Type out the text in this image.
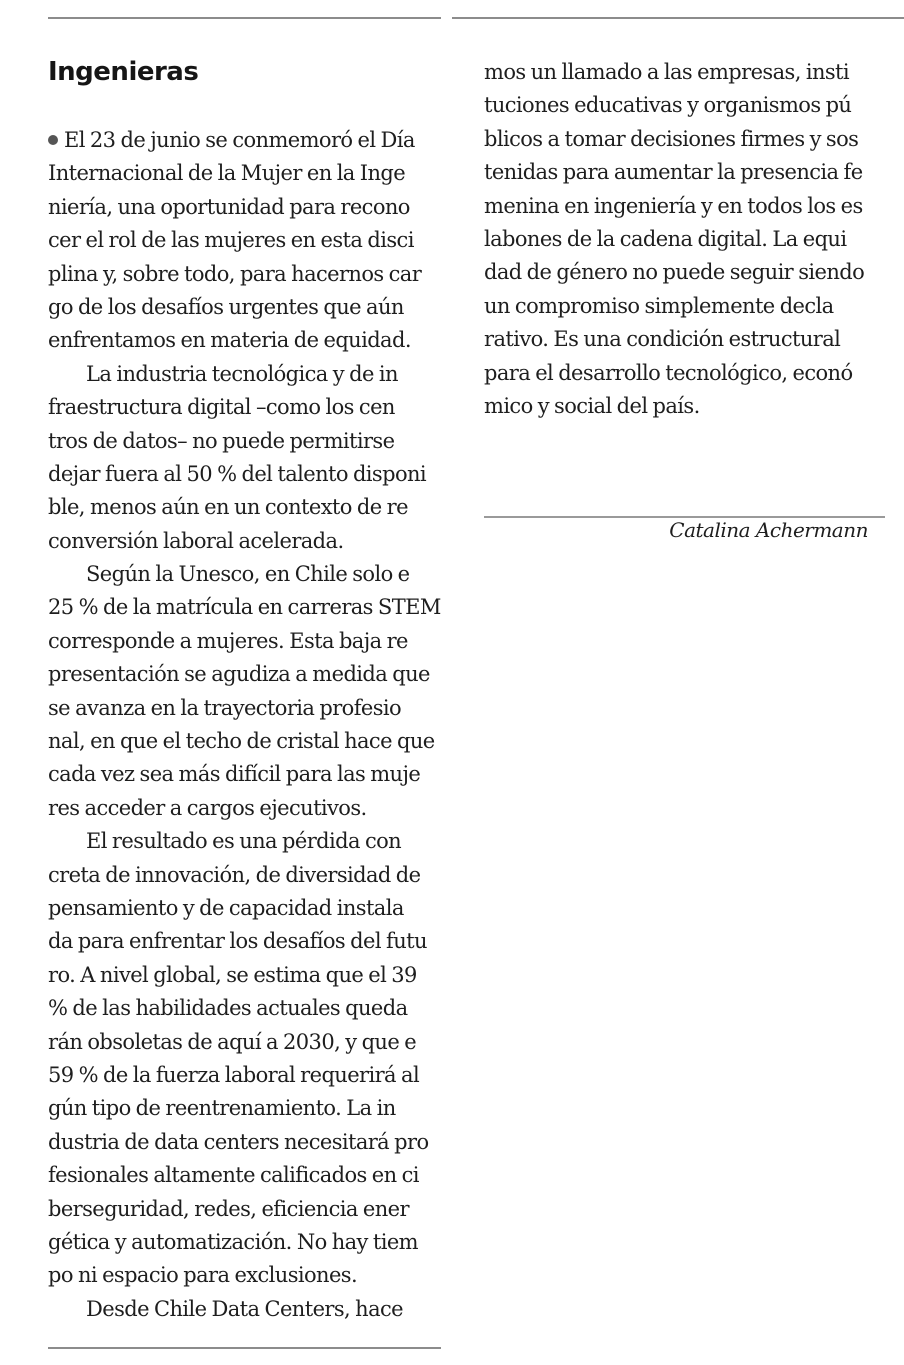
Ingenieras
El 23 de junio se conmemoró el Día
Internacional de la Mujer en la Inge
niería, una oportunidad para recono
cer el rol de las mujeres en esta disci
plina y, sobre todo, para hacernos car
go de los desafíos urgentes que aún
enfrentamos en materia de equidad.
La industria tecnológica y de in
fraestructura digital –como los cen
tros de datos– no puede permitirse
dejar fuera al 50 % del talento disponi
ble, menos aún en un contexto de re
conversión laboral acelerada.
Según la Unesco, en Chile solo e
25 % de la matrícula en carreras STEM
corresponde a mujeres. Esta baja re
presentación se agudiza a medida que
se avanza en la trayectoria profesio
nal, en que el techo de cristal hace que
cada vez sea más difícil para las muje
res acceder a cargos ejecutivos.
El resultado es una pérdida con
creta de innovación, de diversidad de
pensamiento y de capacidad instala
da para enfrentar los desafíos del futu
ro. A nivel global, se estima que el 39
% de las habilidades actuales queda
rán obsoletas de aquí a 2030, y que e
59 % de la fuerza laboral requerirá al
gún tipo de reentrenamiento. La in
dustria de data centers necesitará pro
fesionales altamente calificados en ci
berseguridad, redes, eficiencia ener
gética y automatización. No hay tiem
po ni espacio para exclusiones.
Desde Chile Data Centers, hace
mos un llamado a las empresas, insti
tuciones educativas y organismos pú
blicos a tomar decisiones firmes y sos
tenidas para aumentar la presencia fe
menina en ingeniería y en todos los es
labones de la cadena digital. La equi
dad de género no puede seguir siendo
un compromiso simplemente decla
rativo. Es una condición estructural
para el desarrollo tecnológico, econó
mico y social del país.
Catalina Achermann
